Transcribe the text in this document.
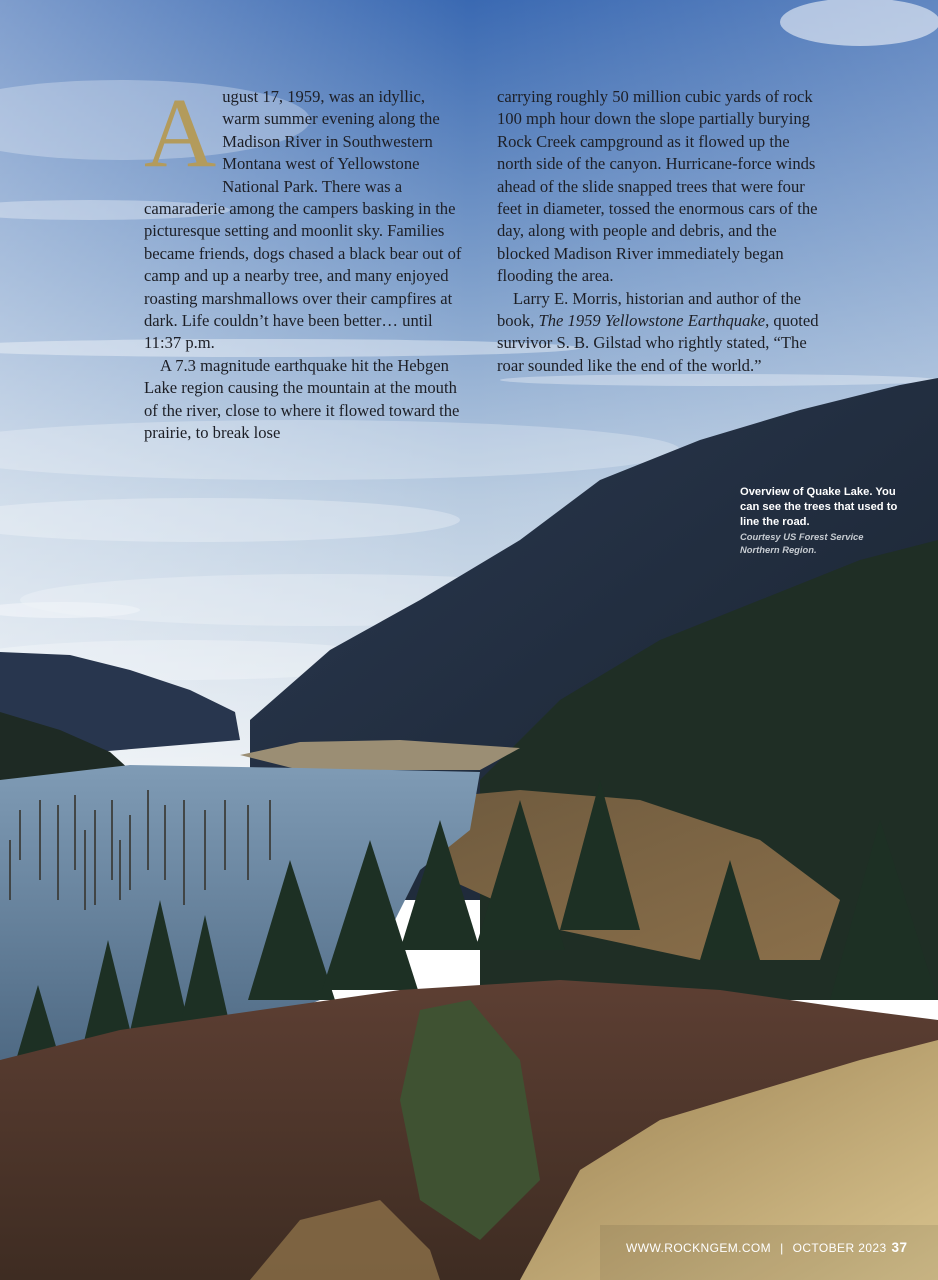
August 17, 1959, was an idyllic, warm summer evening along the Madison River in Southwestern Montana west of Yellowstone National Park. There was a camaraderie among the campers basking in the picturesque setting and moonlit sky. Families became friends, dogs chased a black bear out of camp and up a nearby tree, and many enjoyed roasting marshmallows over their campfires at dark. Life couldn’t have been better… until 11:37 p.m.

A 7.3 magnitude earthquake hit the Hebgen Lake region causing the mountain at the mouth of the river, close to where it flowed toward the prairie, to break lose

carrying roughly 50 million cubic yards of rock 100 mph hour down the slope partially burying Rock Creek campground as it flowed up the north side of the canyon. Hurricane-force winds ahead of the slide snapped trees that were four feet in diameter, tossed the enormous cars of the day, along with people and debris, and the blocked Madison River immediately began flooding the area.

Larry E. Morris, historian and author of the book, The 1959 Yellowstone Earthquake, quoted survivor S. B. Gilstad who rightly stated, “The roar sounded like the end of the world.”

Overview of Quake Lake. You can see the trees that used to line the road.
Courtesy US Forest Service Northern Region.
WWW.ROCKNGEM.COM | OCTOBER 2023 37
